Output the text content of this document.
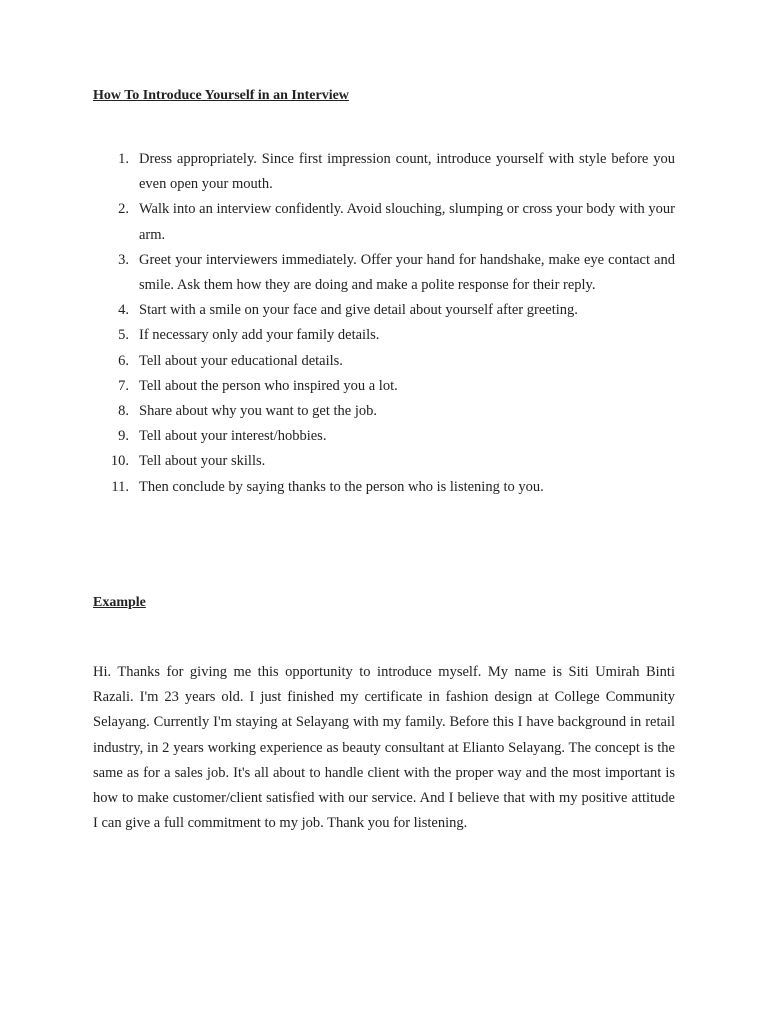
How To Introduce Yourself in an Interview
1. Dress appropriately. Since first impression count, introduce yourself with style before you even open your mouth.
2. Walk into an interview confidently. Avoid slouching, slumping or cross your body with your arm.
3. Greet your interviewers immediately. Offer your hand for handshake, make eye contact and smile. Ask them how they are doing and make a polite response for their reply.
4. Start with a smile on your face and give detail about yourself after greeting.
5. If necessary only add your family details.
6. Tell about your educational details.
7. Tell about the person who inspired you a lot.
8. Share about why you want to get the job.
9. Tell about your interest/hobbies.
10. Tell about your skills.
11. Then conclude by saying thanks to the person who is listening to you.
Example

Hi. Thanks for giving me this opportunity to introduce myself. My name is Siti Umirah Binti Razali. I'm 23 years old. I just finished my certificate in fashion design at College Community Selayang. Currently I'm staying at Selayang with my family. Before this I have background in retail industry, in 2 years working experience as beauty consultant at Elianto Selayang. The concept is the same as for a sales job. It's all about to handle client with the proper way and the most important is how to make customer/client satisfied with our service. And I believe that with my positive attitude I can give a full commitment to my job. Thank you for listening.
